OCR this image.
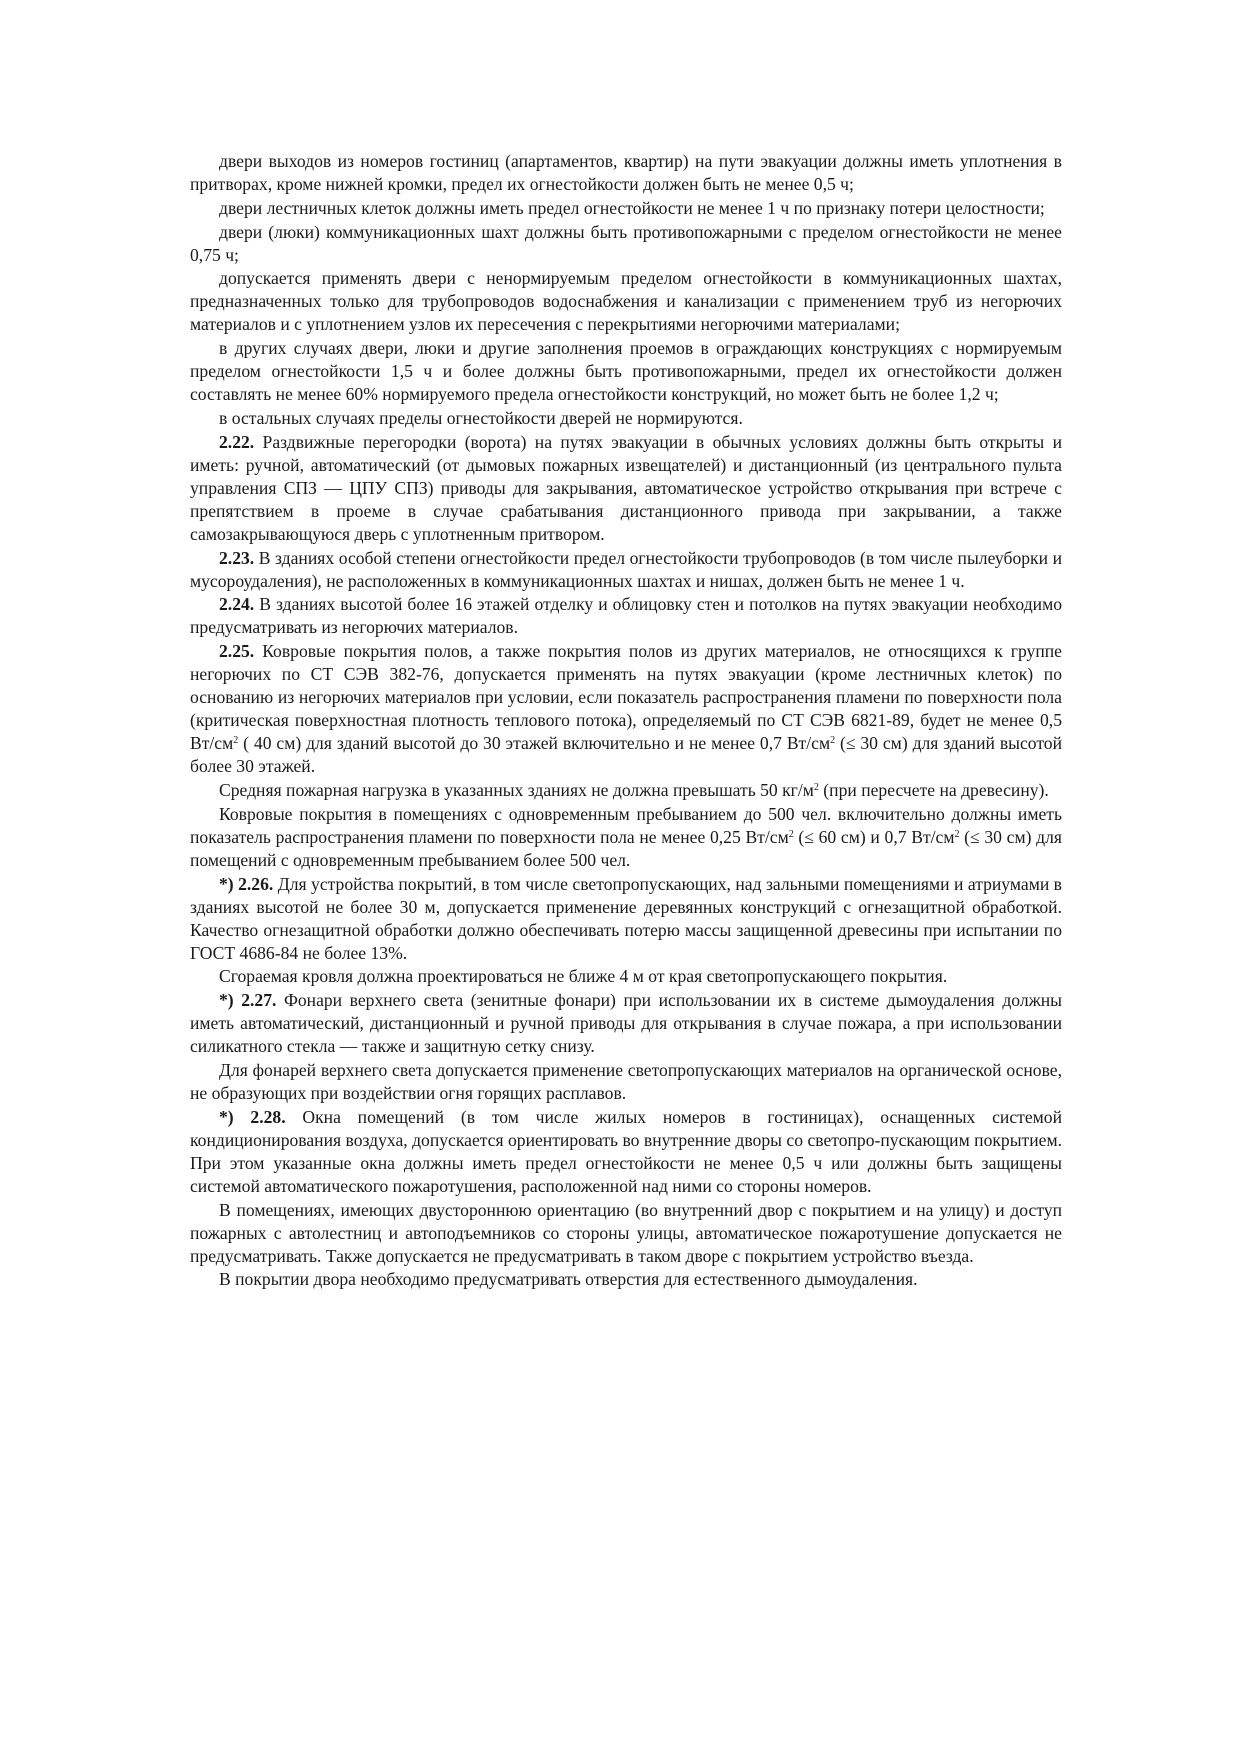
двери выходов из номеров гостиниц (апартаментов, квартир) на пути эвакуации должны иметь уплотнения в притворах, кроме нижней кромки, предел их огнестойкости должен быть не менее 0,5 ч;

двери лестничных клеток должны иметь предел огнестойкости не менее 1 ч по признаку потери целостности;

двери (люки) коммуникационных шахт должны быть противопожарными с пределом огнестойкости не менее 0,75 ч;

допускается применять двери с ненормируемым пределом огнестойкости в коммуникационных шахтах, предназначенных только для трубопроводов водоснабжения и канализации с применением труб из негорючих материалов и с уплотнением узлов их пересечения с перекрытиями негорючими материалами;

в других случаях двери, люки и другие заполнения проемов в ограждающих конструкциях с нормируемым пределом огнестойкости 1,5 ч и более должны быть противопожарными, предел их огнестойкости должен составлять не менее 60% нормируемого предела огнестойкости конструкций, но может быть не более 1,2 ч;

в остальных случаях пределы огнестойкости дверей не нормируются.

2.22. Раздвижные перегородки (ворота) на путях эвакуации в обычных условиях должны быть открыты и иметь: ручной, автоматический (от дымовых пожарных извещателей) и дистанционный (из центрального пульта управления СПЗ — ЦПУ СПЗ) приводы для закрывания, автоматическое устройство открывания при встрече с препятствием в проеме в случае срабатывания дистанционного привода при закрывании, а также самозакрывающуюся дверь с уплотненным притвором.

2.23. В зданиях особой степени огнестойкости предел огнестойкости трубопроводов (в том числе пылеуборки и мусороудаления), не расположенных в коммуникационных шахтах и нишах, должен быть не менее 1 ч.

2.24. В зданиях высотой более 16 этажей отделку и облицовку стен и потолков на путях эвакуации необходимо предусматривать из негорючих материалов.

2.25. Ковровые покрытия полов, а также покрытия полов из других материалов, не относящихся к группе негорючих по СТ СЭВ 382-76, допускается применять на путях эвакуации (кроме лестничных клеток) по основанию из негорючих материалов при условии, если показатель распространения пламени по поверхности пола (критическая поверхностная плотность теплового потока), определяемый по СТ СЭВ 6821-89, будет не менее 0,5 $Вт/см^2$ ( 40 см) для зданий высотой до 30 этажей включительно и не менее 0,7 $Вт/см^2$ (≤ 30 см) для зданий высотой более 30 этажей.

Средняя пожарная нагрузка в указанных зданиях не должна превышать 50 $кг/м^2$ (при пересчете на древесину).

Ковровые покрытия в помещениях с одновременным пребыванием до 500 чел. включительно должны иметь показатель распространения пламени по поверхности пола не менее 0,25 $Вт/см^2$ (≤ 60 см) и 0,7 $Вт/см^2$ (≤ 30 см) для помещений с одновременным пребыванием более 500 чел.

*) 2.26. Для устройства покрытий, в том числе светопропускающих, над зальными помещениями и атриумами в зданиях высотой не более 30 м, допускается применение деревянных конструкций с огнезащитной обработкой. Качество огнезащитной обработки должно обеспечивать потерю массы защищенной древесины при испытании по ГОСТ 4686-84 не более 13%.

Сгораемая кровля должна проектироваться не ближе 4 м от края светопропускающего покрытия.

*) 2.27. Фонари верхнего света (зенитные фонари) при использовании их в системе дымоудаления должны иметь автоматический, дистанционный и ручной приводы для открывания в случае пожара, а при использовании силикатного стекла — также и защитную сетку снизу.

Для фонарей верхнего света допускается применение светопропускающих материалов на органической основе, не образующих при воздействии огня горящих расплавов.

*) 2.28. Окна помещений (в том числе жилых номеров в гостиницах), оснащенных системой кондиционирования воздуха, допускается ориентировать во внутренние дворы со светопро-пускающим покрытием. При этом указанные окна должны иметь предел огнестойкости не менее 0,5 ч или должны быть защищены системой автоматического пожаротушения, расположенной над ними со стороны номеров.

В помещениях, имеющих двустороннюю ориентацию (во внутренний двор с покрытием и на улицу) и доступ пожарных с автолестниц и автоподъемников со стороны улицы, автоматическое пожаротушение допускается не предусматривать. Также допускается не предусматривать в таком дворе с покрытием устройство въезда.

В покрытии двора необходимо предусматривать отверстия для естественного дымоудаления.
